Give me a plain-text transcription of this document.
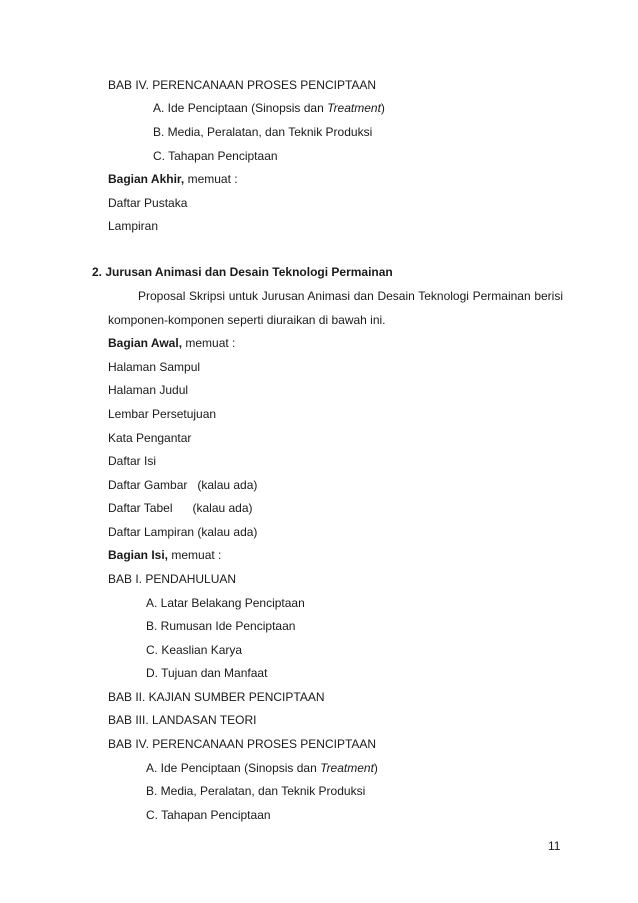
BAB IV. PERENCANAAN PROSES PENCIPTAAN
A. Ide Penciptaan (Sinopsis dan Treatment)
B. Media, Peralatan, dan Teknik Produksi
C. Tahapan Penciptaan
Bagian Akhir, memuat :
Daftar Pustaka
Lampiran
2. Jurusan Animasi dan Desain Teknologi Permainan
Proposal Skripsi untuk Jurusan Animasi dan Desain Teknologi Permainan berisi
komponen-komponen seperti diuraikan di bawah ini.
Bagian Awal, memuat :
Halaman Sampul
Halaman Judul
Lembar Persetujuan
Kata Pengantar
Daftar Isi
Daftar Gambar   (kalau ada)
Daftar Tabel      (kalau ada)
Daftar Lampiran (kalau ada)
Bagian Isi, memuat :
BAB I. PENDAHULUAN
A. Latar Belakang Penciptaan
B. Rumusan Ide Penciptaan
C. Keaslian Karya
D. Tujuan dan Manfaat
BAB II. KAJIAN SUMBER PENCIPTAAN
BAB III. LANDASAN TEORI
BAB IV. PERENCANAAN PROSES PENCIPTAAN
A. Ide Penciptaan (Sinopsis dan Treatment)
B. Media, Peralatan, dan Teknik Produksi
C. Tahapan Penciptaan
11
